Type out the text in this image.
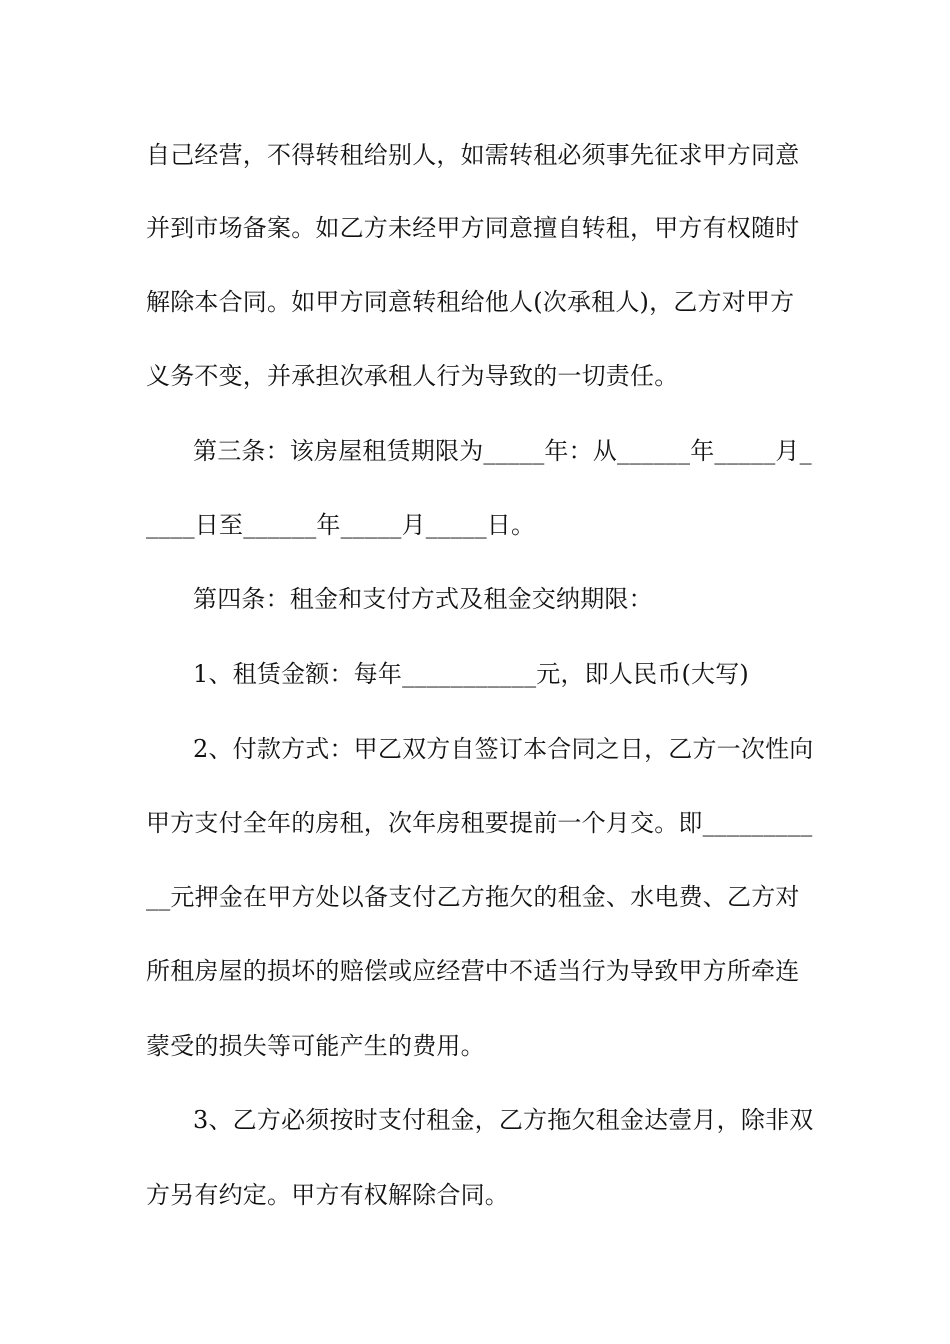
自己经营，不得转租给别人，如需转租必须事先征求甲方同意
并到市场备案。如乙方未经甲方同意擅自转租，甲方有权随时
解除本合同。如甲方同意转租给他人(次承租人)，乙方对甲方
义务不变，并承担次承租人行为导致的一切责任。
第三条：该房屋租赁期限为_____年：从______年_____月_
____日至______年_____月_____日。
第四条：租金和支付方式及租金交纳期限：
1、租赁金额：每年___________元，即人民币(大写)
2、付款方式：甲乙双方自签订本合同之日，乙方一次性向
甲方支付全年的房租，次年房租要提前一个月交。即_________
__元押金在甲方处以备支付乙方拖欠的租金、水电费、乙方对
所租房屋的损坏的赔偿或应经营中不适当行为导致甲方所牵连
蒙受的损失等可能产生的费用。
3、乙方必须按时支付租金，乙方拖欠租金达壹月，除非双
方另有约定。甲方有权解除合同。
